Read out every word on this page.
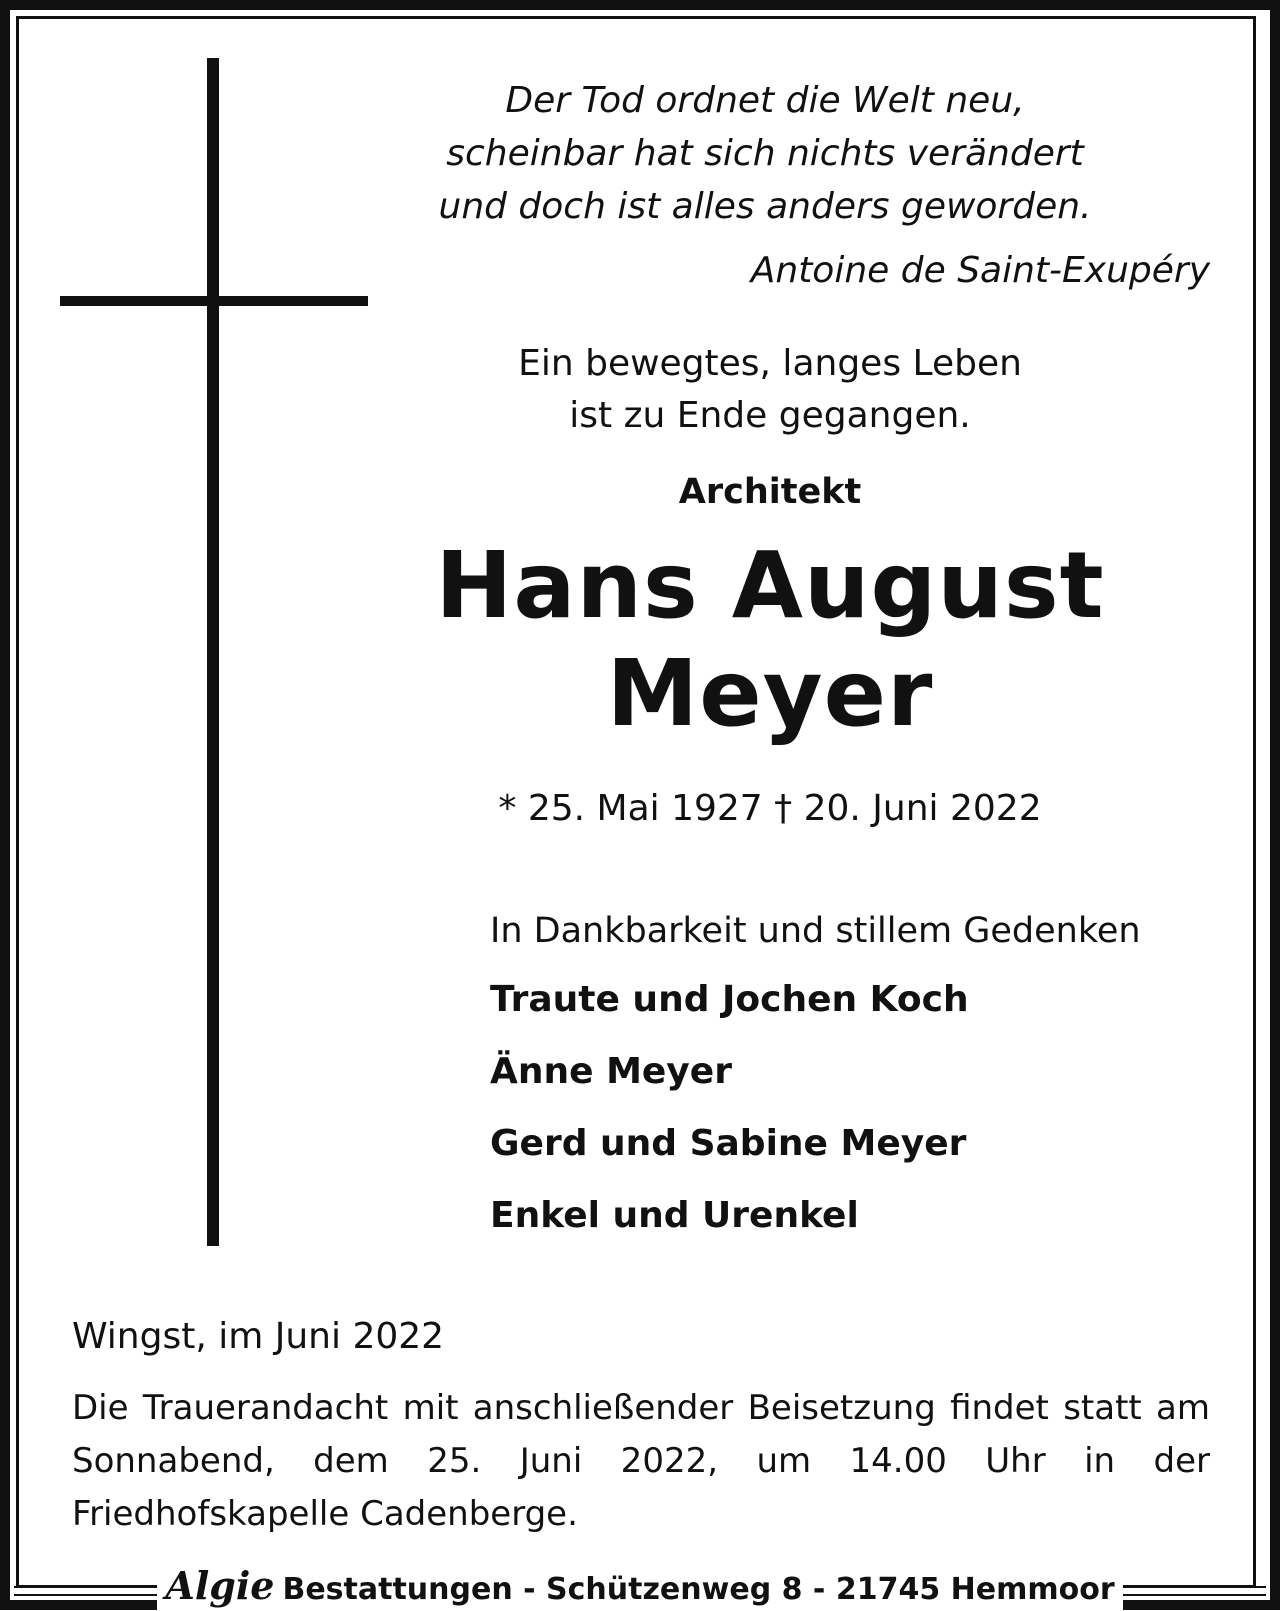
Der Tod ordnet die Welt neu,
scheinbar hat sich nichts verändert
und doch ist alles anders geworden.
Antoine de Saint-Exupéry
Ein bewegtes, langes Leben
ist zu Ende gegangen.
Architekt
Hans August
Meyer
* 25. Mai 1927 † 20. Juni 2022
In Dankbarkeit und stillem Gedenken
Traute und Jochen Koch
Änne Meyer
Gerd und Sabine Meyer
Enkel und Urenkel
Wingst, im Juni 2022
Die Trauerandacht mit anschließender Beisetzung findet statt am Sonnabend, dem 25. Juni 2022, um 14.00 Uhr in der Friedhofskapelle Cadenberge.
Algie Bestattungen - Schützenweg 8 - 21745 Hemmoor
